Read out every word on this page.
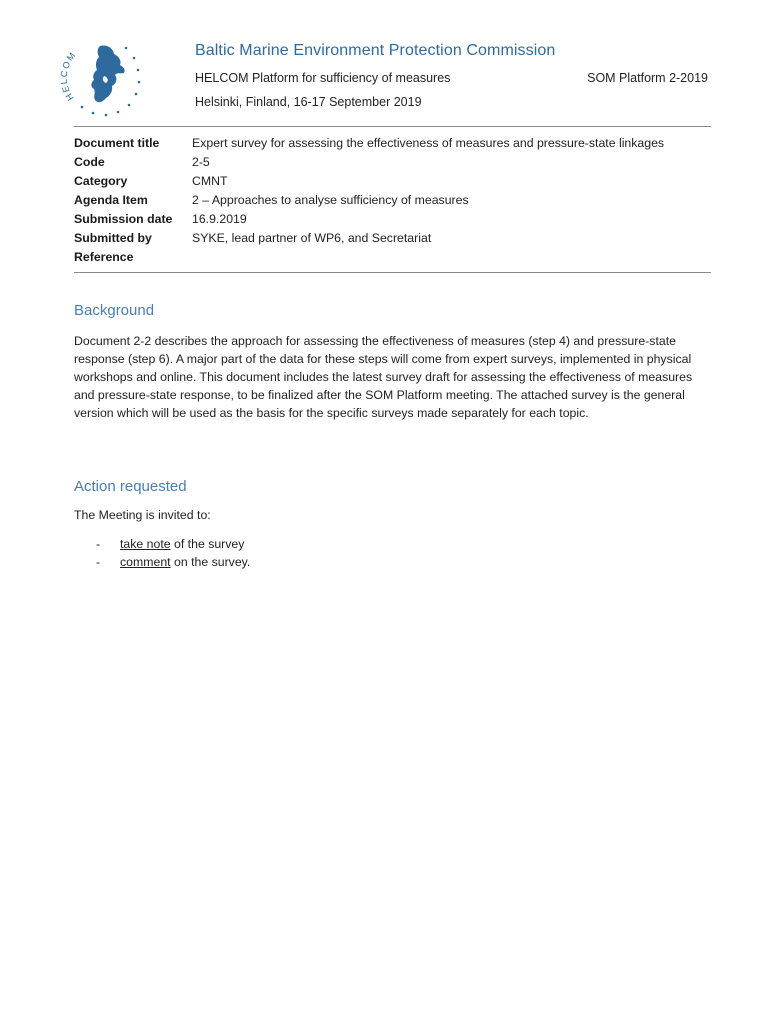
HE OM	Baltic Marine Environment Protection Commission
HELCOM Platform for sufficiency of measures	SOM Platform 2-2019
Helsinki, Finland, 16-17 September 2019
Document title	Expert survey for assessing the effectiveness of measures and pressure-state linkages
Code	2-5
Category	CMNT
Agenda Item	2 – Approaches to analyse sufficiency of measures
Submission date	16.9.2019
Submitted by	SYKE, lead partner of WP6, and Secretariat
Reference
Background
Document 2-2 describes the approach for assessing the effectiveness of measures (step 4) and pressure-state response (step 6). A major part of the data for these steps will come from expert surveys, implemented in physical workshops and online. This document includes the latest survey draft for assessing the effectiveness of measures and pressure-state response, to be finalized after the SOM Platform meeting. The attached survey is the general version which will be used as the basis for the specific surveys made separately for each topic.
Action requested
The Meeting is invited to:
-	take note of the survey
-	comment on the survey.
